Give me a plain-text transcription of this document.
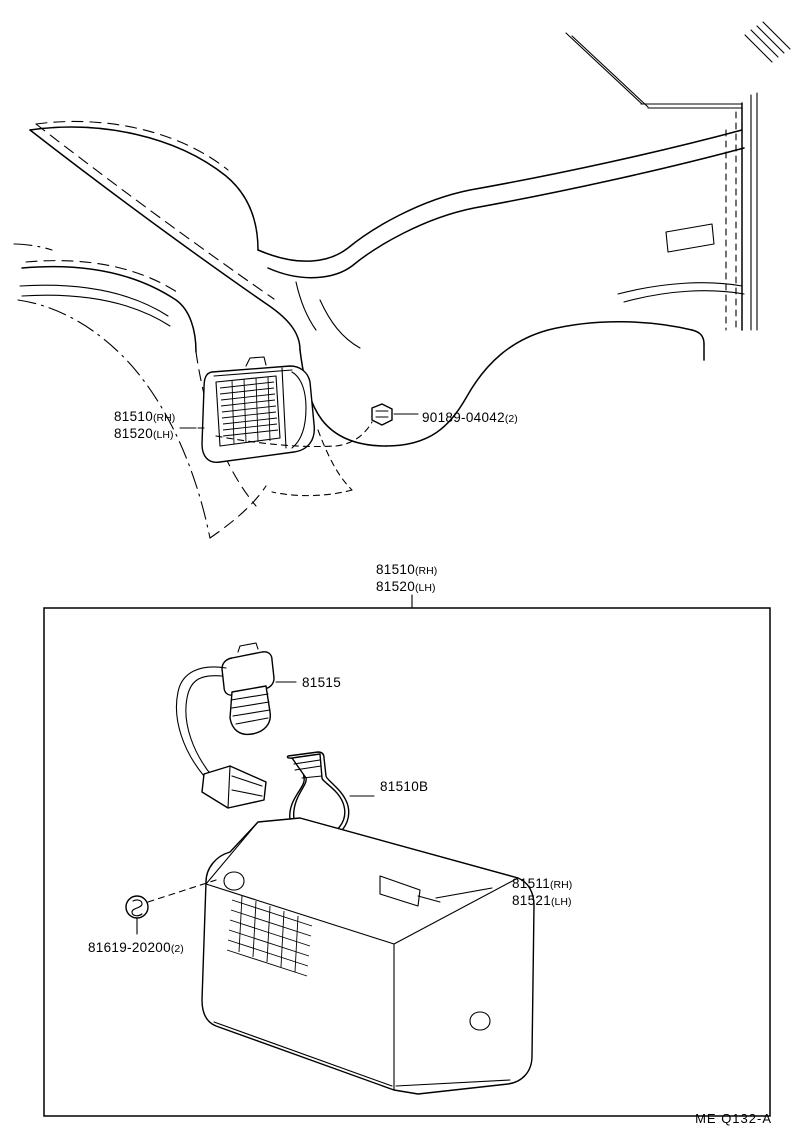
81510(RH)
81520(LH)
90189-04042(2)
81510(RH)
81520(LH)
81515
81510B
81511(RH)
81521(LH)
81619-20200(2)
ME Q132-A
